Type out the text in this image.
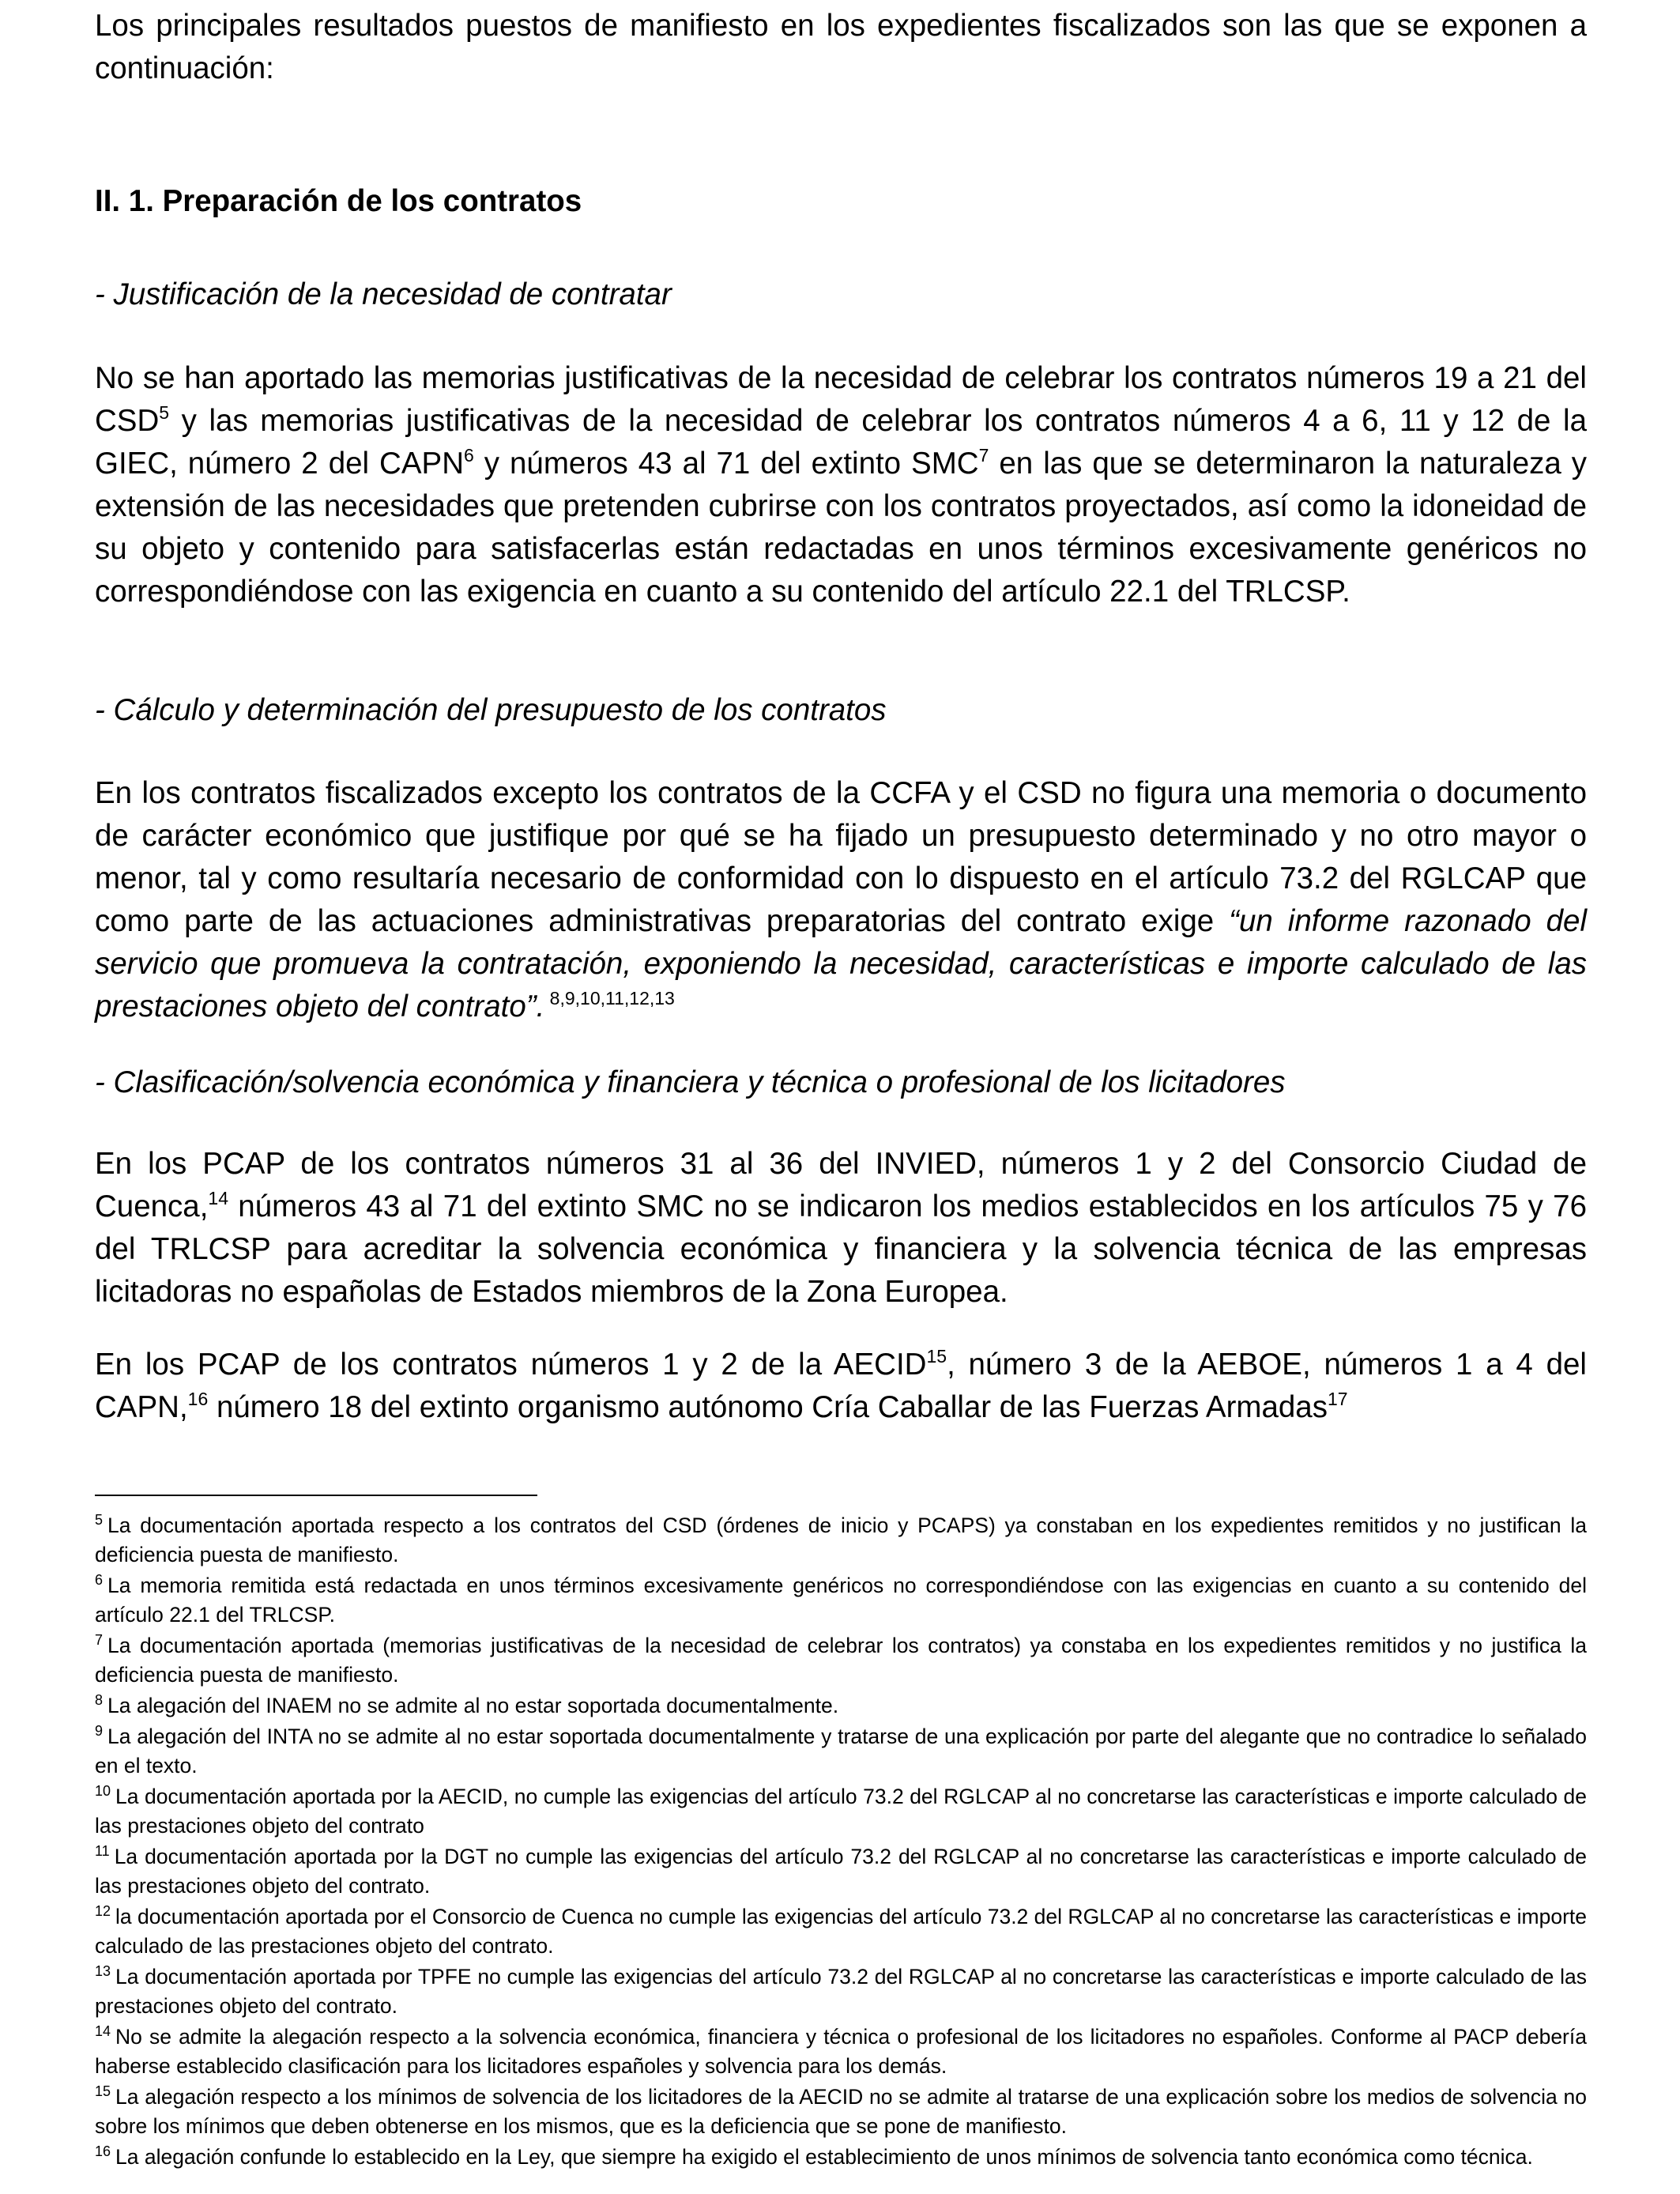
Los principales resultados puestos de manifiesto en los expedientes fiscalizados son las que se exponen a continuación:

II. 1. Preparación de los contratos

- Justificación de la necesidad de contratar

No se han aportado las memorias justificativas de la necesidad de celebrar los contratos números 19 a 21 del CSD$^5$ y las memorias justificativas de la necesidad de celebrar los contratos números 4 a 6, 11 y 12 de la GIEC, número 2 del CAPN$^6$ y números 43 al 71 del extinto SMC$^7$ en las que se determinaron la naturaleza y extensión de las necesidades que pretenden cubrirse con los contratos proyectados, así como la idoneidad de su objeto y contenido para satisfacerlas están redactadas en unos términos excesivamente genéricos no correspondiéndose con las exigencia en cuanto a su contenido del artículo 22.1 del TRLCSP.

- Cálculo y determinación del presupuesto de los contratos

En los contratos fiscalizados excepto los contratos de la CCFA y el CSD no figura una memoria o documento de carácter económico que justifique por qué se ha fijado un presupuesto determinado y no otro mayor o menor, tal y como resultaría necesario de conformidad con lo dispuesto en el artículo 73.2 del RGLCAP que como parte de las actuaciones administrativas preparatorias del contrato exige “un informe razonado del servicio que promueva la contratación, exponiendo la necesidad, características e importe calculado de las prestaciones objeto del contrato”. $^{8,9,10,11,12,13}$

- Clasificación/solvencia económica y financiera y técnica o profesional de los licitadores

En los PCAP de los contratos números 31 al 36 del INVIED, números 1 y 2 del Consorcio Ciudad de Cuenca,$^{14}$ números 43 al 71 del extinto SMC no se indicaron los medios establecidos en los artículos 75 y 76 del TRLCSP para acreditar la solvencia económica y financiera y la solvencia técnica de las empresas licitadoras no españolas de Estados miembros de la Zona Europea.

En los PCAP de los contratos números 1 y 2 de la AECID$^{15}$, número 3 de la AEBOE, números 1 a 4 del CAPN,$^{16}$ número 18 del extinto organismo autónomo Cría Caballar de las Fuerzas Armadas$^{17}$

$^5$ La documentación aportada respecto a los contratos del CSD (órdenes de inicio y PCAPS) ya constaban en los expedientes remitidos y no justifican la deficiencia puesta de manifiesto.

$^6$ La memoria remitida está redactada en unos términos excesivamente genéricos no correspondiéndose con las exigencias en cuanto a su contenido del artículo 22.1 del TRLCSP.

$^7$ La documentación aportada (memorias justificativas de la necesidad de celebrar los contratos) ya constaba en los expedientes remitidos y no justifica la deficiencia puesta de manifiesto.

$^8$ La alegación del INAEM no se admite al no estar soportada documentalmente.

$^9$ La alegación del INTA no se admite al no estar soportada documentalmente y tratarse de una explicación por parte del alegante que no contradice lo señalado en el texto.

$^{10}$ La documentación aportada por la AECID, no cumple las exigencias del artículo 73.2 del RGLCAP al no concretarse las características e importe calculado de las prestaciones objeto del contrato

$^{11}$ La documentación aportada por la DGT no cumple las exigencias del artículo 73.2 del RGLCAP al no concretarse las características e importe calculado de las prestaciones objeto del contrato.

$^{12}$ la documentación aportada por el Consorcio de Cuenca no cumple las exigencias del artículo 73.2 del RGLCAP al no concretarse las características e importe calculado de las prestaciones objeto del contrato.

$^{13}$ La documentación aportada por TPFE no cumple las exigencias del artículo 73.2 del RGLCAP al no concretarse las características e importe calculado de las prestaciones objeto del contrato.

$^{14}$ No se admite la alegación respecto a la solvencia económica, financiera y técnica o profesional de los licitadores no españoles. Conforme al PACP debería haberse establecido clasificación para los licitadores españoles y solvencia para los demás.

$^{15}$ La alegación respecto a los mínimos de solvencia de los licitadores de la AECID no se admite al tratarse de una explicación sobre los medios de solvencia no sobre los mínimos que deben obtenerse en los mismos, que es la deficiencia que se pone de manifiesto.

$^{16}$ La alegación confunde lo establecido en la Ley, que siempre ha exigido el establecimiento de unos mínimos de solvencia tanto económica como técnica.
